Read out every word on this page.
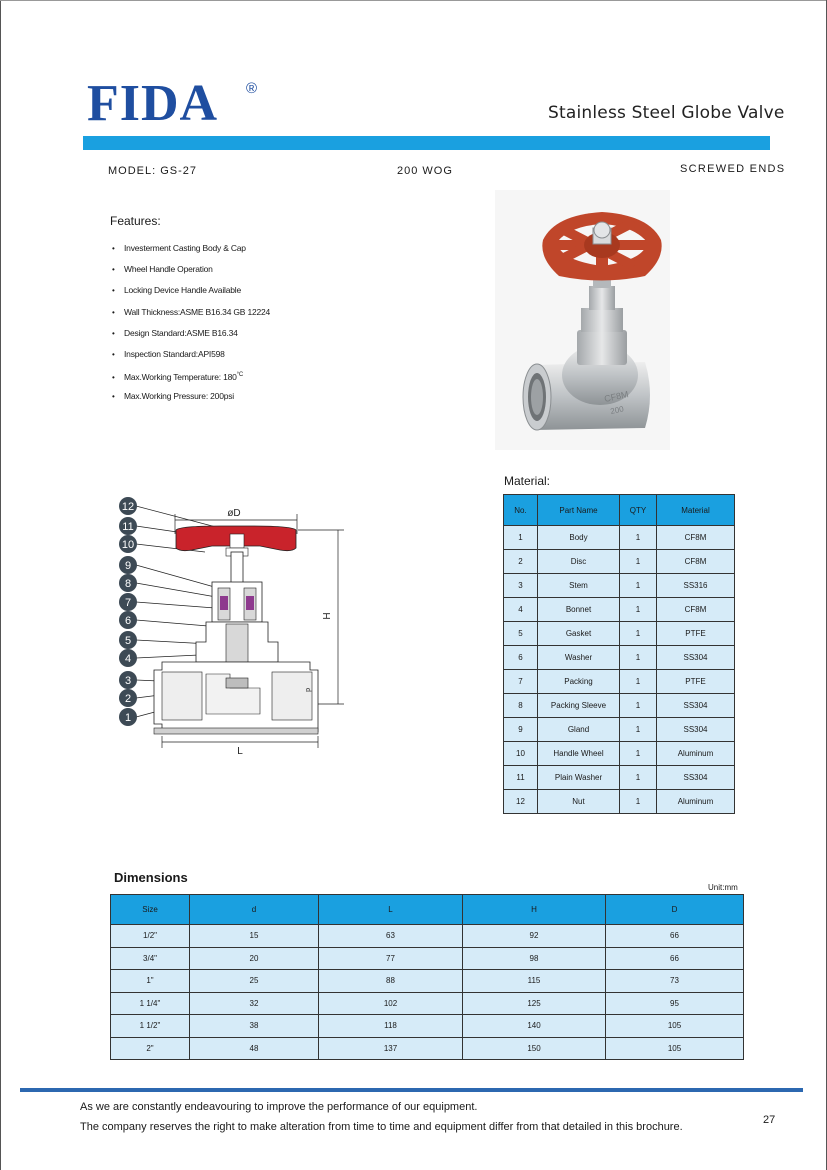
FIDA ®
Stainless Steel Globe Valve
MODEL: GS-27	200 WOG	SCREWED ENDS
Features:
• Investerment Casting Body & Cap
• Wheel Handle Operation
• Locking Device Handle Available
• Wall Thickness:ASME B16.34 GB 12224
• Design Standard:ASME B16.34
• Inspection Standard:API598
• Max.Working Temperature: $180^{^\circ C}$
• Max.Working Pressure: 200psi	CF8M
200
12
11
10
9
8
7
6
5
4
3
2
1
øD
d
H
L
Material:
No.	Part Name	QTY	Material
1	Body	1	CF8M
2	Disc	1	CF8M
3	Stem	1	SS316
4	Bonnet	1	CF8M
5	Gasket	1	PTFE
6	Washer	1	SS304
7	Packing	1	PTFE
8	Packing Sleeve	1	SS304
9	Gland	1	SS304
10	Handle Wheel	1	Aluminum
11	Plain Washer	1	SS304
12	Nut	1	Aluminum
Dimensions
Unit:mm
Size	d	L	H	D
1/2"	15	63	92	66
3/4"	20	77	98	66
1"	25	88	115	73
1 1/4"	32	102	125	95
1 1/2"	38	118	140	105
2"	48	137	150	105
As we are constantly endeavouring to improve the performance of our equipment.
The company reserves the right to make alteration from time to time and equipment differ from that detailed in this brochure.
27
